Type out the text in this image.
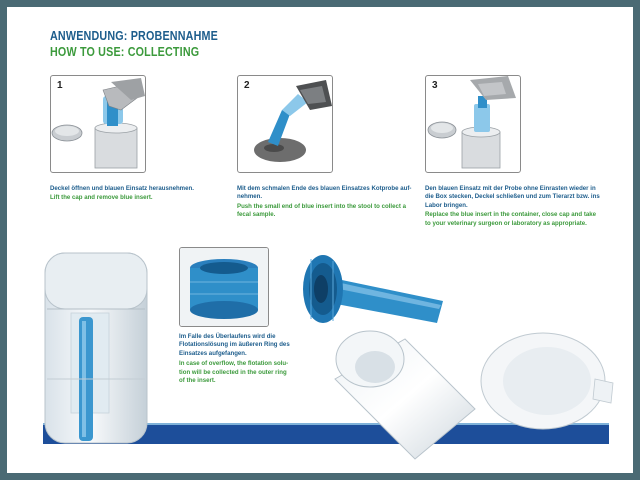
ANWENDUNG: PROBENNAHME
HOW TO USE: COLLECTING
1	2	3
Deckel öffnen und blauen Einsatz herausnehmen.
Lift the cap and remove blue insert.
Mit dem schmalen Ende des blauen Einsatzes Kotprobe auf-
nehmen.
Push the small end of blue insert into the stool to collect a
fecal sample.
Den blauen Einsatz mit der Probe ohne Einrasten wieder in
die Box stecken, Deckel schließen und zum Tierarzt bzw. ins
Labor bringen.
Replace the blue insert in the container, close cap and take
to your veterinary surgeon or laboratory as appropriate.
Im Falle des Überlaufens wird die
Flotationslösung im äußeren Ring des
Einsatzes aufgefangen.
In case of overflow, the flotation solu-
tion will be collected in the outer ring
of the insert.
